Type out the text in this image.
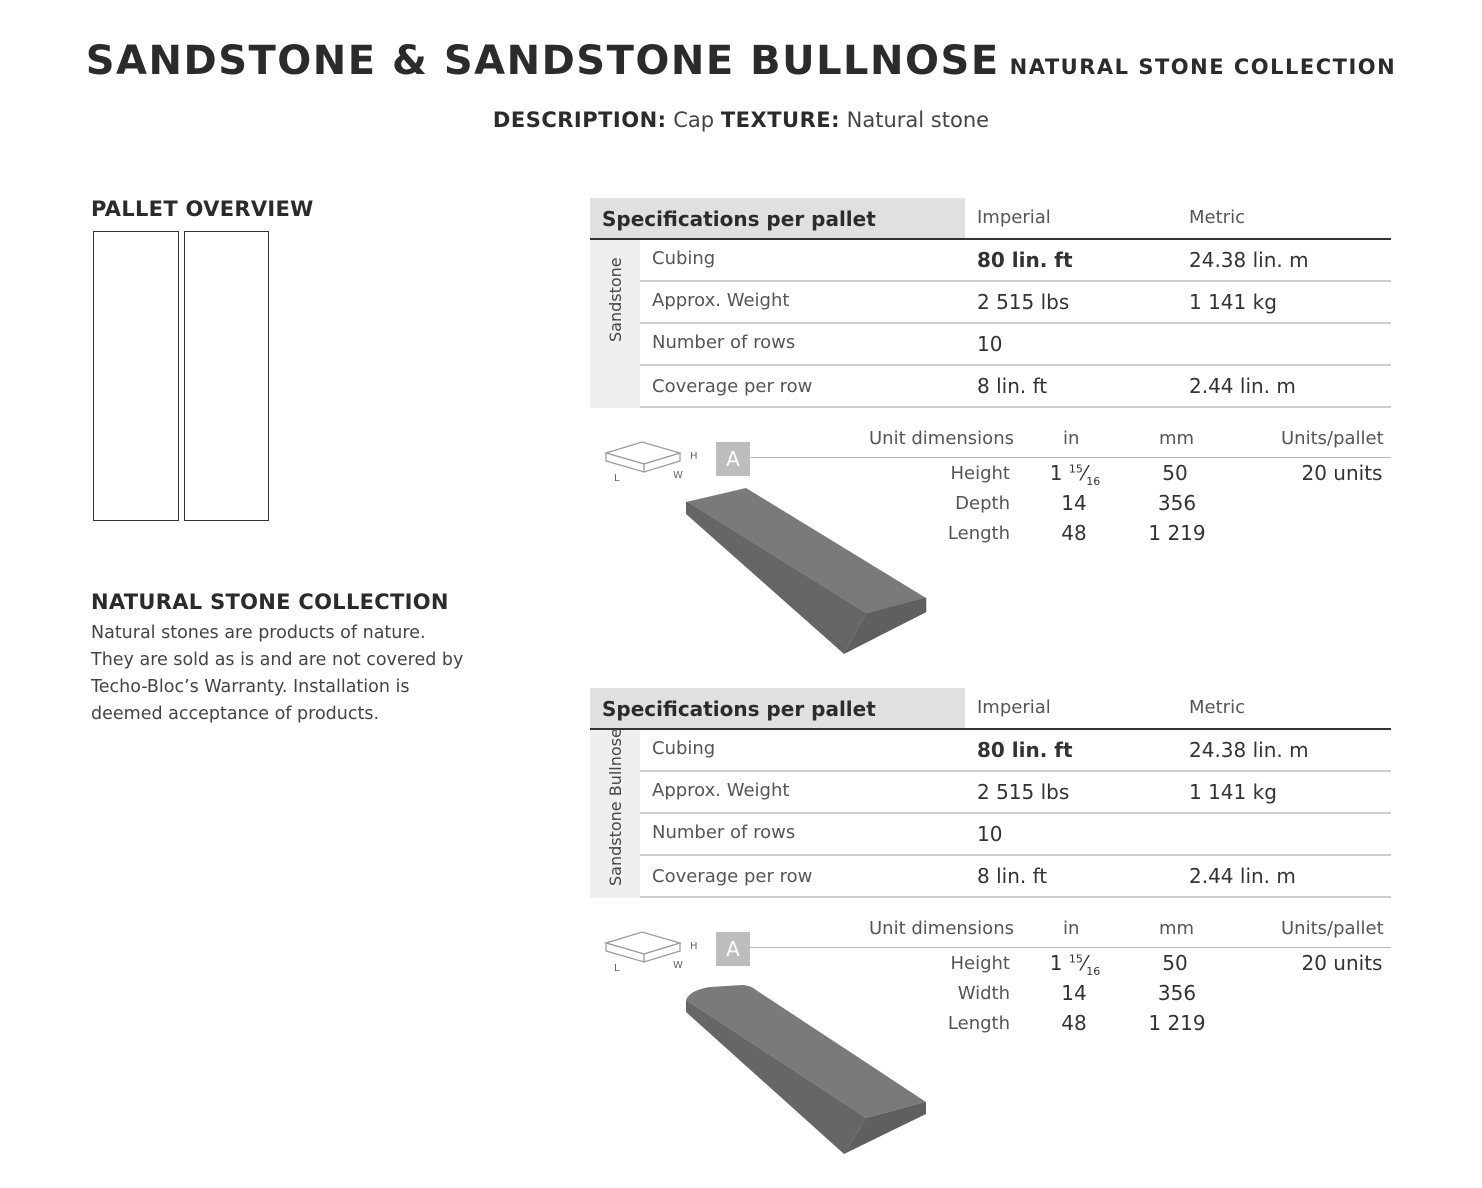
SANDSTONE & SANDSTONE BULLNOSE NATURAL STONE COLLECTION
DESCRIPTION: Cap TEXTURE: Natural stone
PALLET OVERVIEW
NATURAL STONE COLLECTION
Natural stones are products of nature. They are sold as is and are not covered by Techo-Bloc’s Warranty. Installation is deemed acceptance of products.
Specifications per pallet	Imperial	Metric
Sandstone Cubing	80 lin. ft	24.38 lin. m
Approx. Weight	2 515 lbs	1 141 kg
Number of rows	10
Coverage per row	8 lin. ft	2.44 lin. m
H
L	W
A
Unit dimensions	in	mm	Units/pallet
Height	1 $^{15}⁄_{16}$	50	20 units
Depth	14	356
Length	48	1 219
Specifications per pallet	Imperial	Metric
Sandstone Bullnose Cubing	80 lin. ft	24.38 lin. m
Approx. Weight	2 515 lbs	1 141 kg
Number of rows	10
Coverage per row	8 lin. ft	2.44 lin. m
H
L	W
A
Unit dimensions	in	mm	Units/pallet
Height	1 $^{15}⁄_{16}$	50	20 units
Width	14	356
Length	48	1 219
